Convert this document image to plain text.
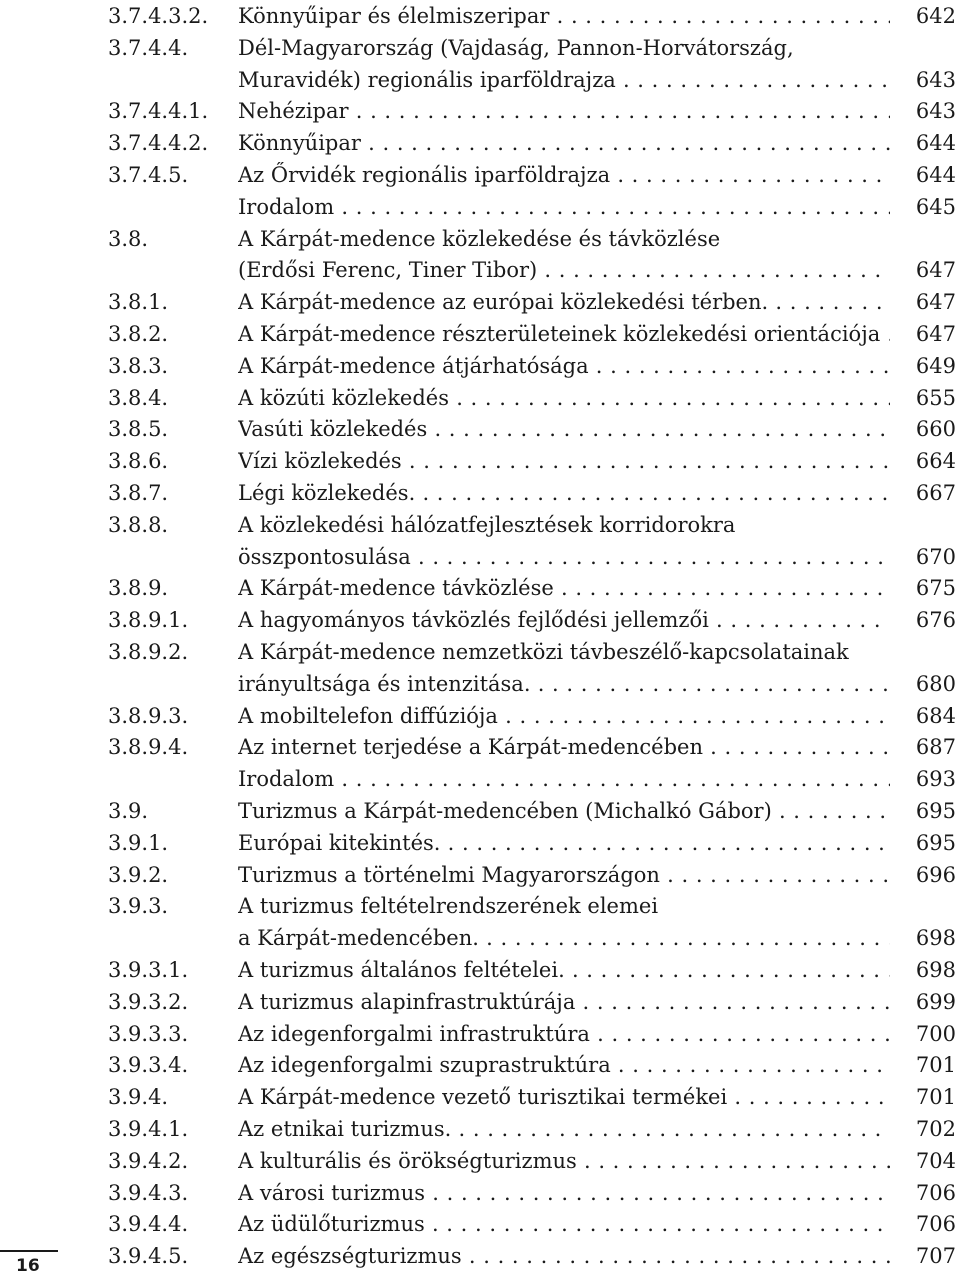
3.7.4.3.2. Könnyűipar és élelmiszeripar . . .	642
3.7.4.4. Dél-Magyarország (Vajdaság, Pannon-Horvátország,
Muravidék) regionális iparföldrajza . . .	643
3.7.4.4.1. Nehézipar . . .	643
3.7.4.4.2. Könnyűipar . . .	644
3.7.4.5. Az Őrvidék regionális iparföldrajza . . .	644
Irodalom . . .	645
3.8.	A Kárpát-medence közlekedése és távközlése
(Erdősi Ferenc, Tiner Tibor) . . .	647
3.8.1.	A Kárpát-medence az európai közlekedési térben. . . .	647
3.8.2.	A Kárpát-medence részterületeinek közlekedési orientációja . . .	647
3.8.3.	A Kárpát-medence átjárhatósága . . .	649
3.8.4.	A közúti közlekedés . . .	655
3.8.5.	Vasúti közlekedés . . .	660
3.8.6.	Vízi közlekedés . . .	664
3.8.7.	Légi közlekedés. . . .	667
3.8.8.	A közlekedési hálózatfejlesztések korridorokra
összpontosulása . . .	670
3.8.9.	A Kárpát-medence távközlése . . .	675
3.8.9.1. A hagyományos távközlés fejlődési jellemzői . . .	676
3.8.9.2. A Kárpát-medence nemzetközi távbeszélő-kapcsolatainak
irányultsága és intenzitása. . . .	680
3.8.9.3. A mobiltelefon diffúziója . . .	684
3.8.9.4. Az internet terjedése a Kárpát-medencében . . .	687
Irodalom . . .	693
3.9.	Turizmus a Kárpát-medencében (Michalkó Gábor) . . .	695
3.9.1.	Európai kitekintés. . . .	695
3.9.2.	Turizmus a történelmi Magyarországon . . .	696
3.9.3.	A turizmus feltételrendszerének elemei
a Kárpát-medencében. . . .	698
3.9.3.1. A turizmus általános feltételei. . . .	698
3.9.3.2. A turizmus alapinfrastruktúrája . . .	699
3.9.3.3. Az idegenforgalmi infrastruktúra . . .	700
3.9.3.4. Az idegenforgalmi szuprastruktúra . . .	701
3.9.4.	A Kárpát-medence vezető turisztikai termékei . . .	701
3.9.4.1. Az etnikai turizmus. . . .	702
3.9.4.2. A kulturális és örökségturizmus . . .	704
3.9.4.3. A városi turizmus . . .	706
3.9.4.4. Az üdülőturizmus . . .	706
3.9.4.5. Az egészségturizmus . . .	707
16
